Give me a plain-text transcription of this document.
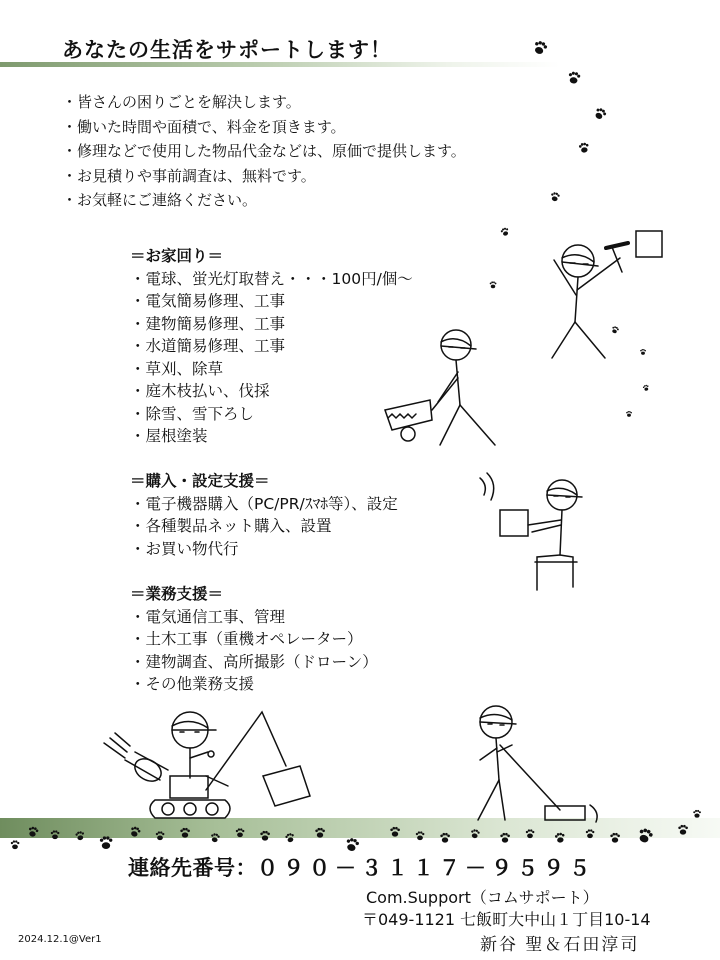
あなたの生活をサポートします！
・皆さんの困りごとを解決します。
・働いた時間や面積で、料金を頂きます。
・修理などで使用した物品代金などは、原価で提供します。
・お見積りや事前調査は、無料です。
・お気軽にご連絡ください。
＝お家回り＝
・電球、蛍光灯取替え・・・100円/個～
・電気簡易修理、工事
・建物簡易修理、工事
・水道簡易修理、工事
・草刈、除草
・庭木枝払い、伐採
・除雪、雪下ろし
・屋根塗装
＝購入・設定支援＝
・電子機器購入（PC/PR/ｽﾏﾎ等）、設定
・各種製品ネット購入、設置
・お買い物代行
＝業務支援＝
・電気通信工事、管理
・土木工事（重機オペレーター）
・建物調査、高所撮影（ドローン）
・その他業務支援
連絡先番号：０９０－３１１７－９５９５
Com.Support（コムサポート）
〒049-1121 七飯町大中山１丁目10-14
新谷 聖＆石田淳司
2024.12.1@Ver1
